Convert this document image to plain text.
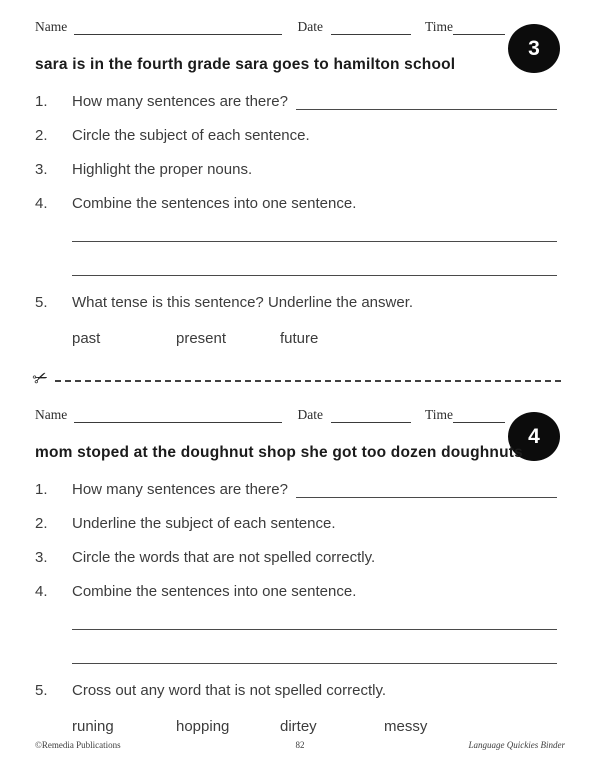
Name	Date	Time
3
sara is in the fourth grade sara goes to hamilton school
1.	How many sentences are there?
2.	Circle the subject of each sentence.
3.	Highlight the proper nouns.
4.	Combine the sentences into one sentence.
5.	What tense is this sentence? Underline the answer.
past	present	future
✂
Name	Date	Time
4
mom stoped at the doughnut shop she got too dozen doughnuts
1.	How many sentences are there?
2.	Underline the subject of each sentence.
3.	Circle the words that are not spelled correctly.
4.	Combine the sentences into one sentence.
5.	Cross out any word that is not spelled correctly.
runing	hopping	dirtey	messy
©Remedia Publications	82	Language Quickies Binder
